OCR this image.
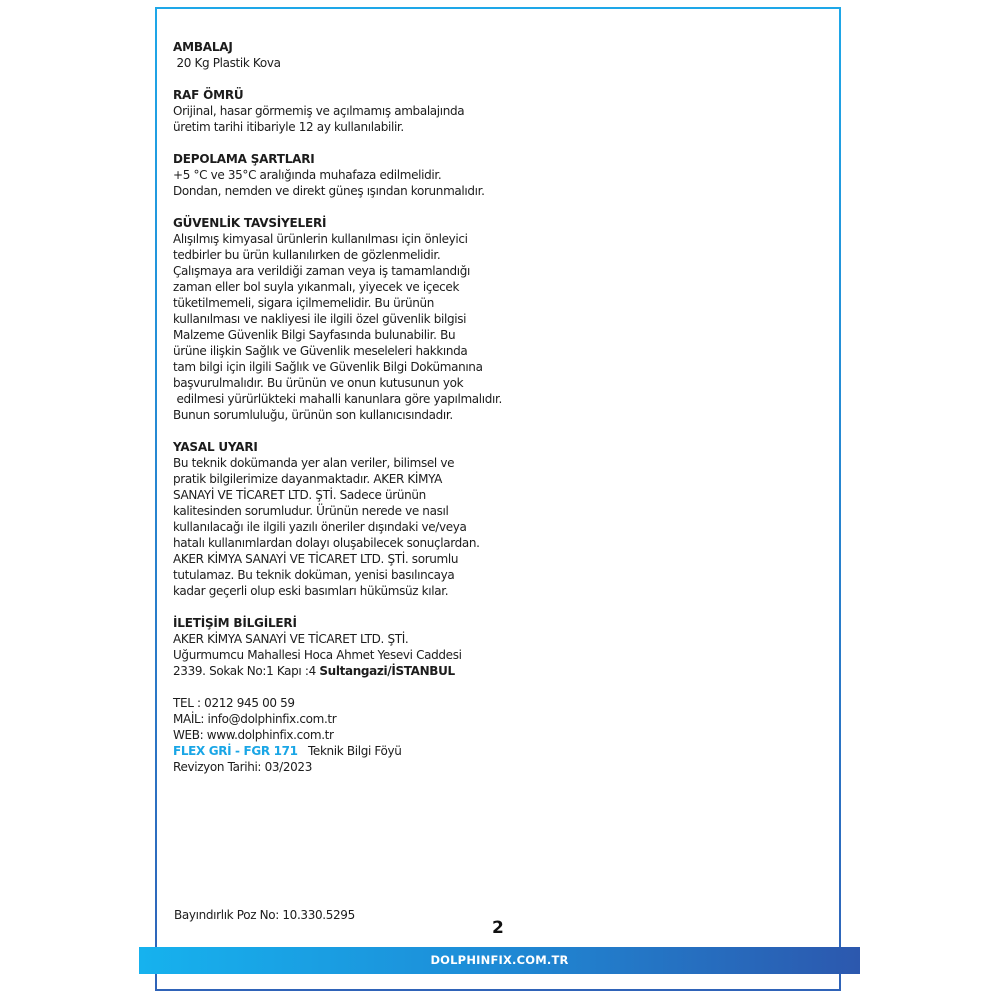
AMBALAJ
20 Kg Plastik Kova
RAF ÖMRÜ
Orijinal, hasar görmemiş ve açılmamış ambalajında
üretim tarihi itibariyle 12 ay kullanılabilir.
DEPOLAMA ŞARTLARI
+5 °C ve 35°C aralığında muhafaza edilmelidir.
Dondan, nemden ve direkt güneş ışından korunmalıdır.
GÜVENLİK TAVSİYELERİ
Alışılmış kimyasal ürünlerin kullanılması için önleyici
tedbirler bu ürün kullanılırken de gözlenmelidir.
Çalışmaya ara verildiği zaman veya iş tamamlandığı
zaman eller bol suyla yıkanmalı, yiyecek ve içecek
tüketilmemeli, sigara içilmemelidir. Bu ürünün
kullanılması ve nakliyesi ile ilgili özel güvenlik bilgisi
Malzeme Güvenlik Bilgi Sayfasında bulunabilir. Bu
ürüne ilişkin Sağlık ve Güvenlik meseleleri hakkında
tam bilgi için ilgili Sağlık ve Güvenlik Bilgi Dokümanına
başvurulmalıdır. Bu ürünün ve onun kutusunun yok
edilmesi yürürlükteki mahalli kanunlara göre yapılmalıdır.
Bunun sorumluluğu, ürünün son kullanıcısındadır.
YASAL UYARI
Bu teknik dokümanda yer alan veriler, bilimsel ve
pratik bilgilerimize dayanmaktadır. AKER KİMYA
SANAYİ VE TİCARET LTD. ŞTİ. Sadece ürünün
kalitesinden sorumludur. Ürünün nerede ve nasıl
kullanılacağı ile ilgili yazılı öneriler dışındaki ve/veya
hatalı kullanımlardan dolayı oluşabilecek sonuçlardan.
AKER KİMYA SANAYİ VE TİCARET LTD. ŞTİ. sorumlu
tutulamaz. Bu teknik doküman, yenisi basılıncaya
kadar geçerli olup eski basımları hükümsüz kılar.
İLETİŞİM BİLGİLERİ
AKER KİMYA SANAYİ VE TİCARET LTD. ŞTİ.
Uğurmumcu Mahallesi Hoca Ahmet Yesevi Caddesi
2339. Sokak No:1 Kapı :4 Sultangazi/İSTANBUL
TEL : 0212 945 00 59
MAİL: info@dolphinfix.com.tr
WEB: www.dolphinfix.com.tr
FLEX GRİ - FGR 171   Teknik Bilgi Föyü
Revizyon Tarihi: 03/2023
Bayındırlık Poz No: 10.330.5295
2
DOLPHINFIX.COM.TR
